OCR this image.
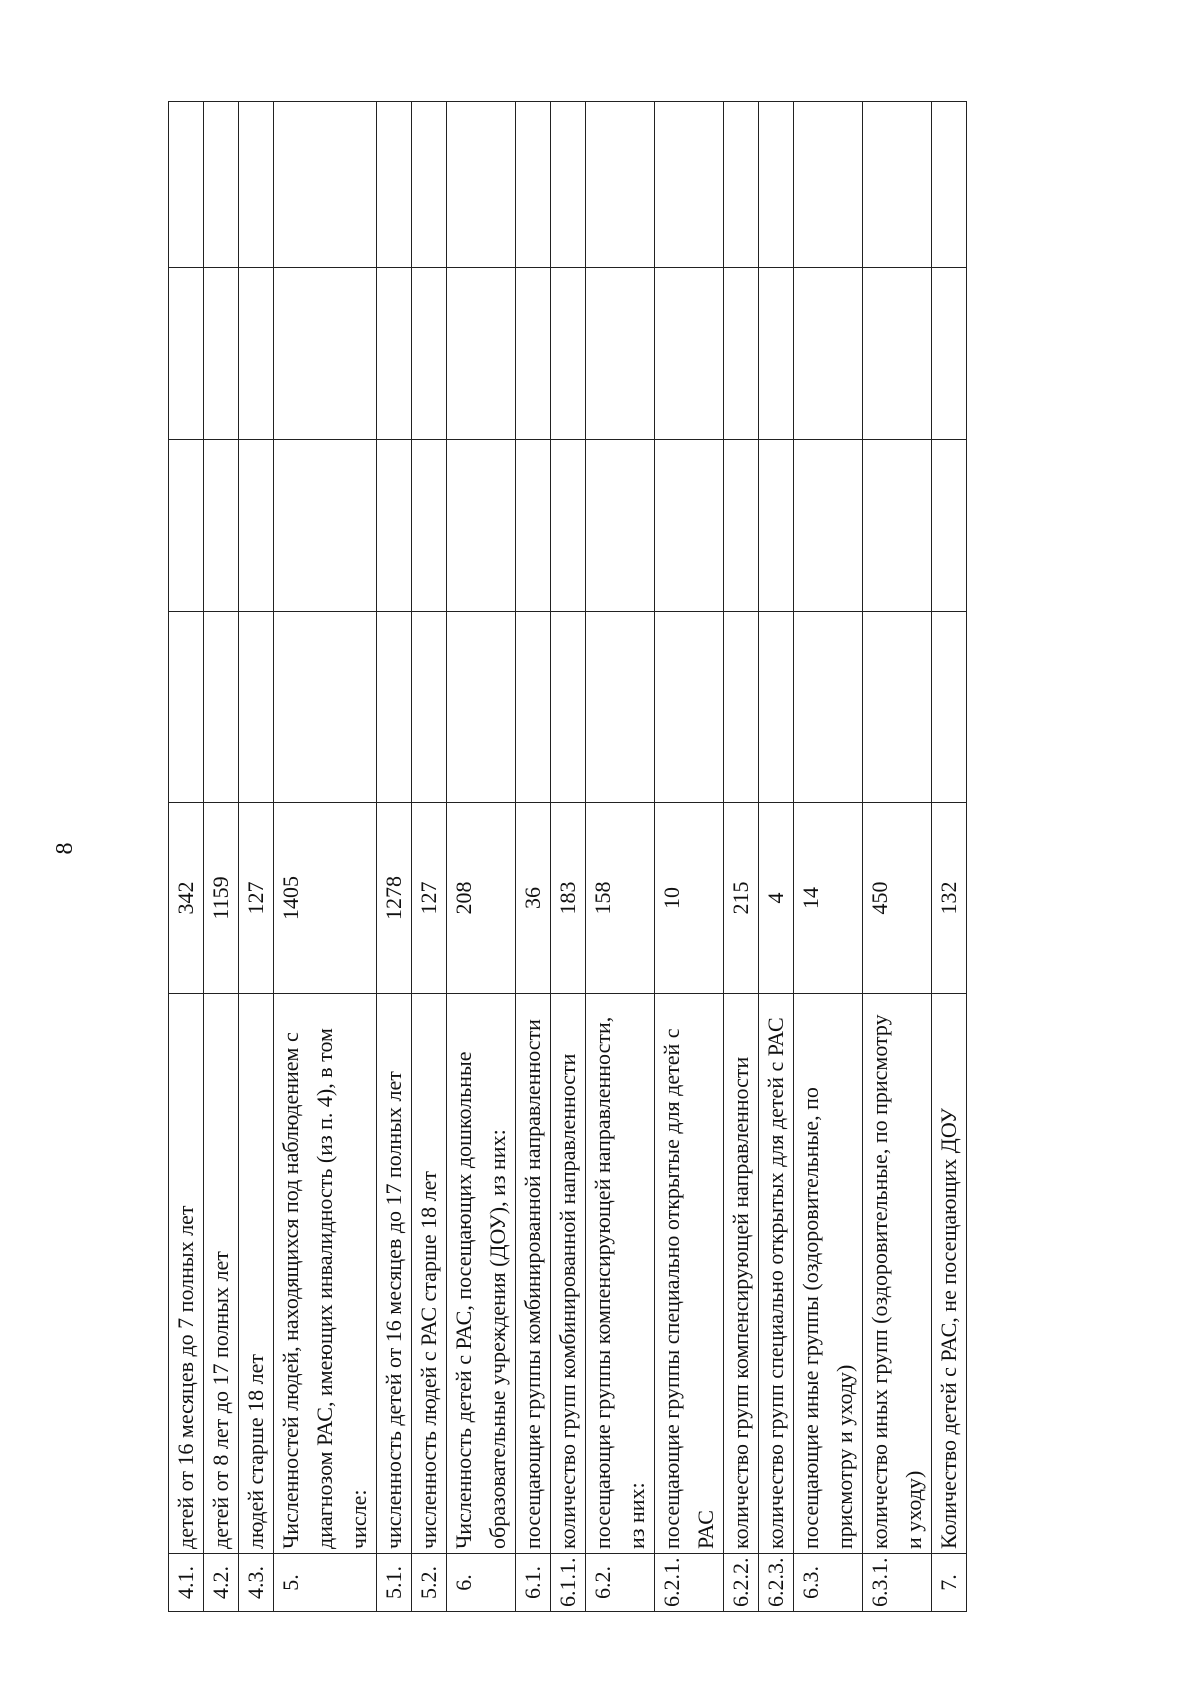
8
4.1.	детей от 16 месяцев до 7 полных лет	342				
4.2.	детей от 8 лет до 17 полных лет	1159				
4.3.	людей старше 18 лет	127				
5.	Численностей людей, находящихся под наблюдением с диагнозом РАС, имеющих инвалидность (из п. 4), в том числе:	1405				
5.1.	численность детей от 16 месяцев до 17 полных лет	1278				
5.2.	численность людей с РАС старше 18 лет	127				
6.	Численность детей с РАС, посещающих дошкольные образовательные учреждения (ДОУ), из них:	208				
6.1.	посещающие группы комбинированной направленности	36				
6.1.1.	количество групп комбинированной направленности	183				
6.2.	посещающие группы компенсирующей направленности, из них:	158				
6.2.1.	посещающие группы специально открытые для детей с РАС	10				
6.2.2.	количество групп компенсирующей направленности	215				
6.2.3.	количество групп специально открытых для детей с РАС	4				
6.3.	посещающие иные группы (оздоровительные, по присмотру и уходу)	14				
6.3.1.	количество иных групп (оздоровительные, по присмотру и уходу)	450				
7.	Количество детей с РАС, не посещающих ДОУ	132				
